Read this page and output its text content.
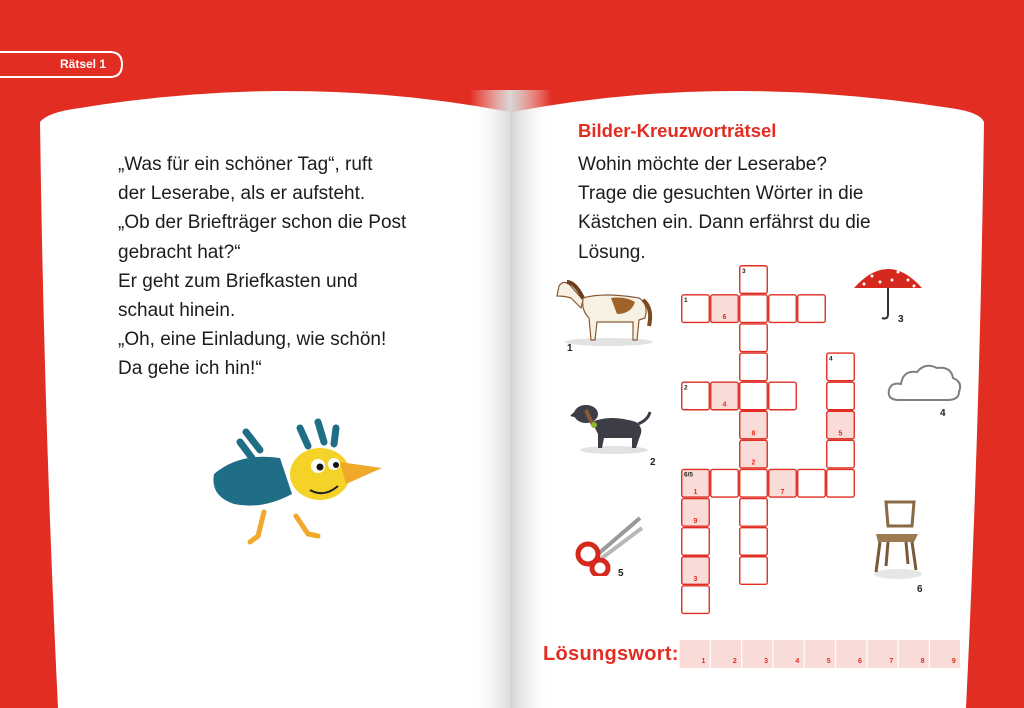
Rätsel 1
„Was für ein schöner Tag“, ruft
der Leserabe, als er aufsteht.
„Ob der Briefträger schon die Post
gebracht hat?“
Er geht zum Briefkasten und
schaut hinein.
„Oh, eine Einladung, wie schön!
Da gehe ich hin!“
Bilder-Kreuzworträtsel
Wohin möchte der Leserabe?
Trage die gesuchten Wörter in die
Kästchen ein. Dann erfährst du die
Lösung.
1
2
3
4
5
6
3
1
6
4
2
4
8	5
2
6/5
1	7
9
3
1	2	3	4	5	6	7	8	9
Lösungswort:
